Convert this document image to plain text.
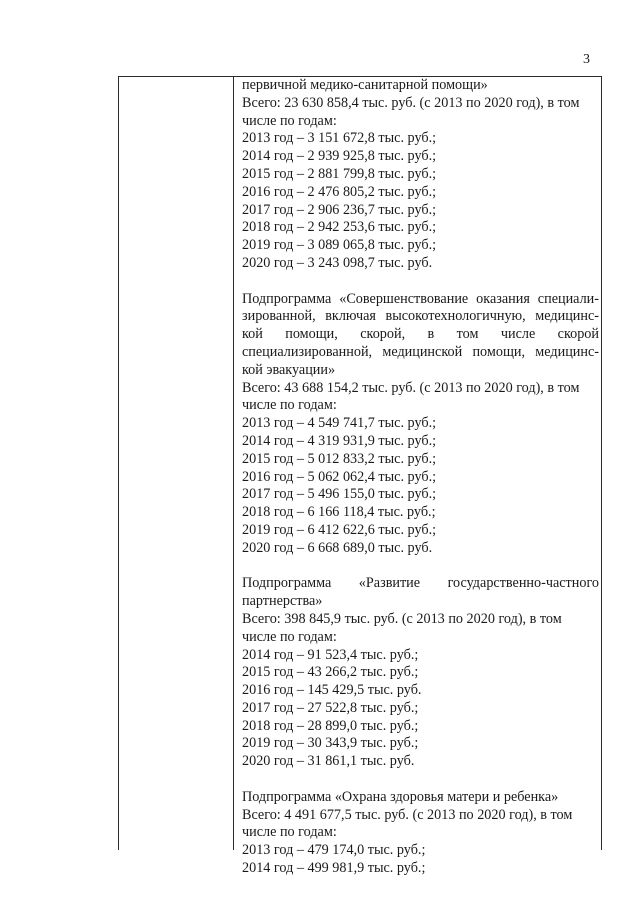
3
первичной медико-санитарной помощи»
Всего: 23 630 858,4 тыс. руб. (с 2013 по 2020 год), в том
числе по годам:
2013 год – 3 151 672,8 тыс. руб.;
2014 год – 2 939 925,8 тыс. руб.;
2015 год – 2 881 799,8 тыс. руб.;
2016 год – 2 476 805,2 тыс. руб.;
2017 год – 2 906 236,7 тыс. руб.;
2018 год – 2 942 253,6 тыс. руб.;
2019 год – 3 089 065,8 тыс. руб.;
2020 год – 3 243 098,7 тыс. руб.
Подпрограмма «Совершенствование оказания специали-
зированной, включая высокотехнологичную, медицинс-
кой помощи, скорой, в том числе скорой
специализированной, медицинской помощи, медицинс-
кой эвакуации»
Всего: 43 688 154,2 тыс. руб. (с 2013 по 2020 год), в том
числе по годам:
2013 год – 4 549 741,7 тыс. руб.;
2014 год – 4 319 931,9 тыс. руб.;
2015 год – 5 012 833,2 тыс. руб.;
2016 год – 5 062 062,4 тыс. руб.;
2017 год – 5 496 155,0 тыс. руб.;
2018 год – 6 166 118,4 тыс. руб.;
2019 год – 6 412 622,6 тыс. руб.;
2020 год – 6 668 689,0 тыс. руб.
Подпрограмма «Развитие государственно-частного
партнерства»
Всего: 398 845,9 тыс. руб. (с 2013 по 2020 год), в том
числе по годам:
2014 год – 91 523,4 тыс. руб.;
2015 год – 43 266,2 тыс. руб.;
2016 год – 145 429,5 тыс. руб.
2017 год – 27 522,8 тыс. руб.;
2018 год – 28 899,0 тыс. руб.;
2019 год – 30 343,9 тыс. руб.;
2020 год – 31 861,1 тыс. руб.
Подпрограмма «Охрана здоровья матери и ребенка»
Всего: 4 491 677,5 тыс. руб. (с 2013 по 2020 год), в том
числе по годам:
2013 год – 479 174,0 тыс. руб.;
2014 год – 499 981,9 тыс. руб.;
